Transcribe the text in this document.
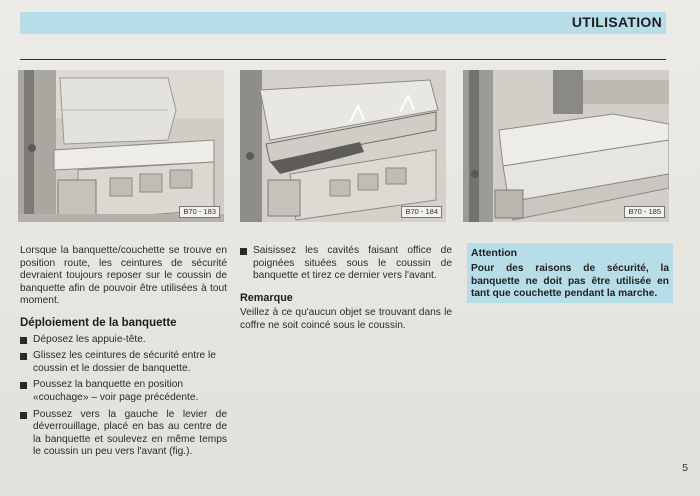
UTILISATION
B70 - 183	B70 - 184	B70 - 185

Lorsque la banquette/couchette se trouve en position route, les ceintures de sécurité devraient toujours reposer sur le coussin de banquette afin de pouvoir être utilisées à tout moment.

Déploiement de la banquette

Déposez les appuie-tête.

Glissez les ceintures de sécurité entre le coussin et le dossier de banquette.

Poussez la banquette en position «couchage» – voir page précédente.

Poussez vers la gauche le levier de déverrouillage, placé en bas au centre de la banquette et soulevez en même temps le coussin un peu vers l'avant (fig.).

Saisissez les cavités faisant office de poignées situées sous le coussin de banquette et tirez ce dernier vers l'avant.

Remarque

Veillez à ce qu'aucun objet se trouvant dans le coffre ne soit coincé sous le coussin.

Attention
Pour des raisons de sécurité, la banquette ne doit pas être utilisée en tant que couchette pendant la marche.
5
